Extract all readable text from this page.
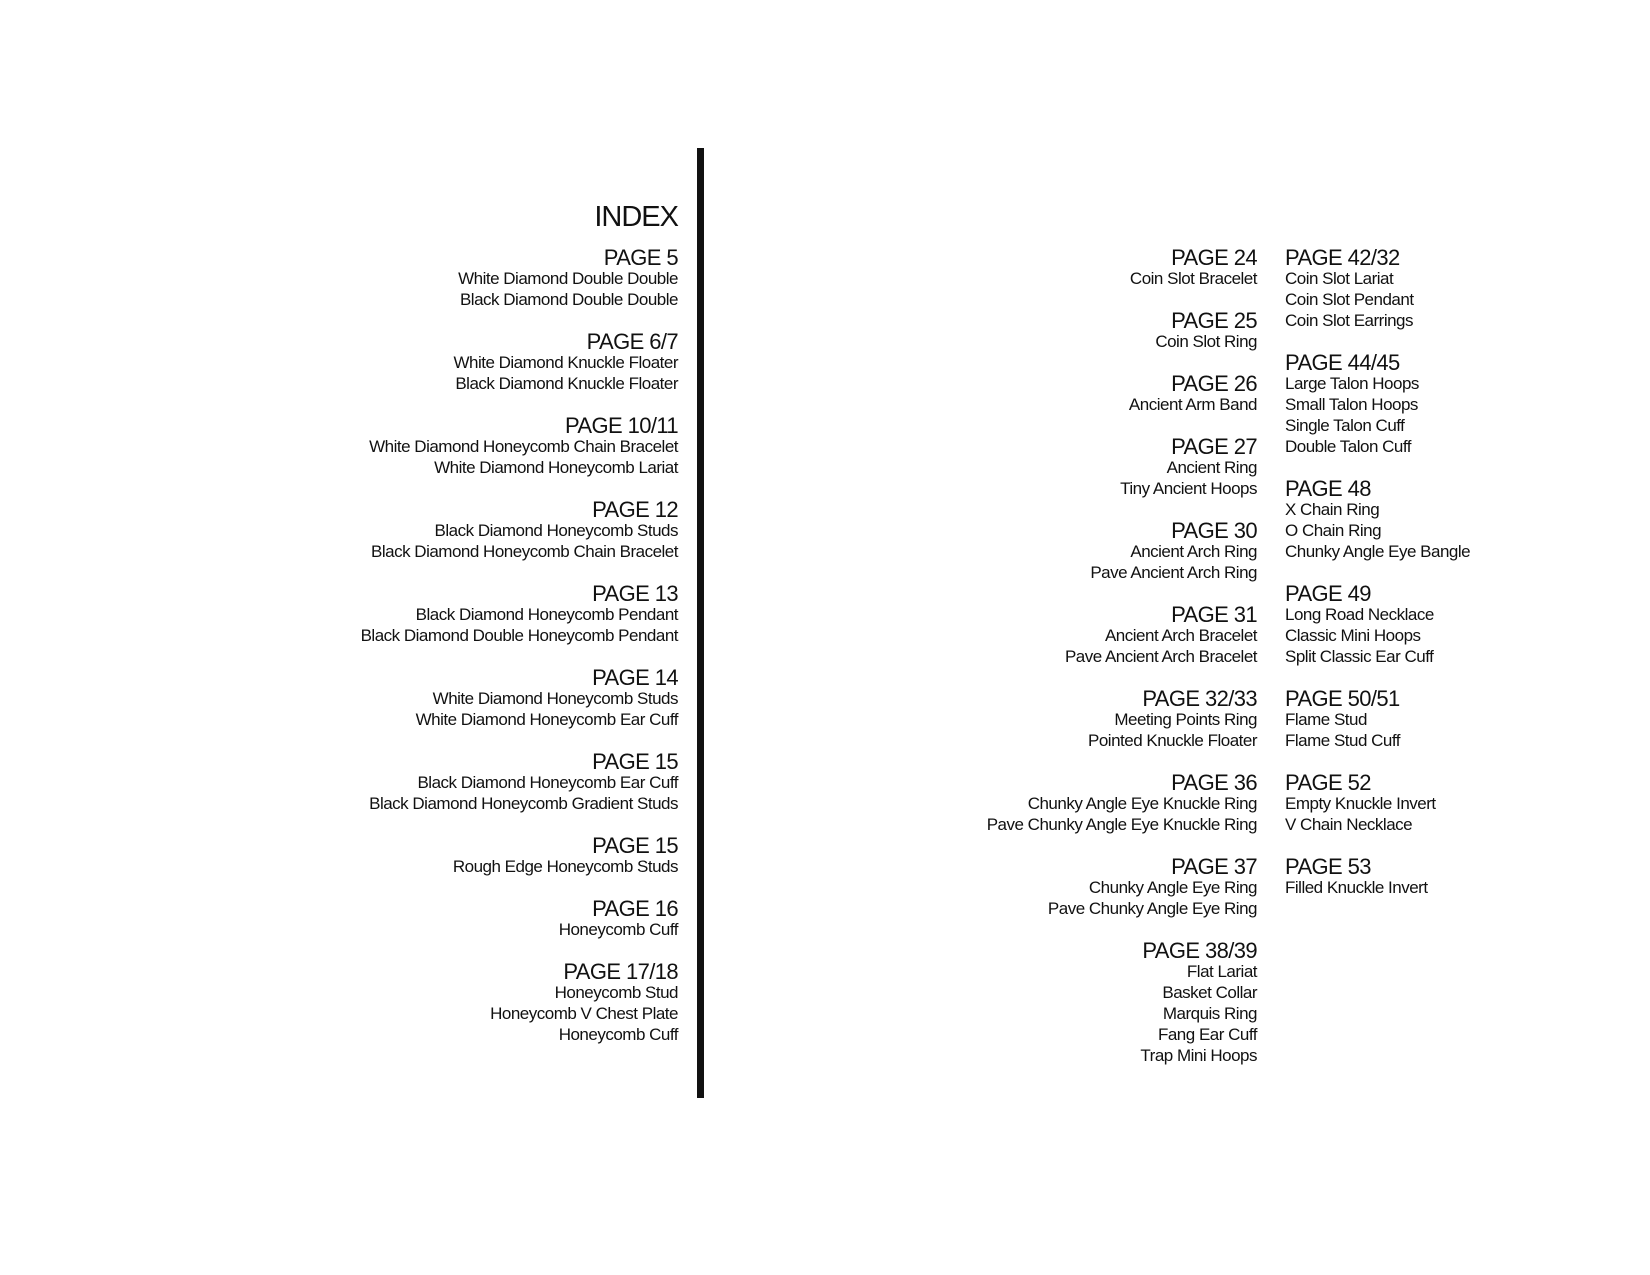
INDEX
PAGE 5
White Diamond Double Double
Black Diamond Double Double
PAGE 6/7
White Diamond Knuckle Floater
Black Diamond Knuckle Floater
PAGE 10/11
White Diamond Honeycomb Chain Bracelet
White Diamond Honeycomb Lariat
PAGE 12
Black Diamond Honeycomb Studs
Black Diamond Honeycomb Chain Bracelet
PAGE 13
Black Diamond Honeycomb Pendant
Black Diamond Double Honeycomb Pendant
PAGE 14
White Diamond Honeycomb Studs
White Diamond Honeycomb Ear Cuff
PAGE 15
Black Diamond Honeycomb Ear Cuff
Black Diamond Honeycomb Gradient Studs
PAGE 15
Rough Edge Honeycomb Studs
PAGE 16
Honeycomb Cuff
PAGE 17/18
Honeycomb Stud
Honeycomb V Chest Plate
Honeycomb Cuff
PAGE 24
Coin Slot Bracelet
PAGE 25
Coin Slot Ring
PAGE 26
Ancient Arm Band
PAGE 27
Ancient Ring
Tiny Ancient Hoops
PAGE 30
Ancient Arch Ring
Pave Ancient Arch Ring
PAGE 31
Ancient Arch Bracelet
Pave Ancient Arch Bracelet
PAGE 32/33
Meeting Points Ring
Pointed Knuckle Floater
PAGE 36
Chunky Angle Eye Knuckle Ring
Pave Chunky Angle Eye Knuckle Ring
PAGE 37
Chunky Angle Eye Ring
Pave Chunky Angle Eye Ring
PAGE 38/39
Flat Lariat
Basket Collar
Marquis Ring
Fang Ear Cuff
Trap Mini Hoops
PAGE 42/32
Coin Slot Lariat
Coin Slot Pendant
Coin Slot Earrings
PAGE 44/45
Large Talon Hoops
Small Talon Hoops
Single Talon Cuff
Double Talon Cuff
PAGE 48
X Chain Ring
O Chain Ring
Chunky Angle Eye Bangle
PAGE 49
Long Road Necklace
Classic Mini Hoops
Split Classic Ear Cuff
PAGE 50/51
Flame Stud
Flame Stud Cuff
PAGE 52
Empty Knuckle Invert
V Chain Necklace
PAGE 53
Filled Knuckle Invert
